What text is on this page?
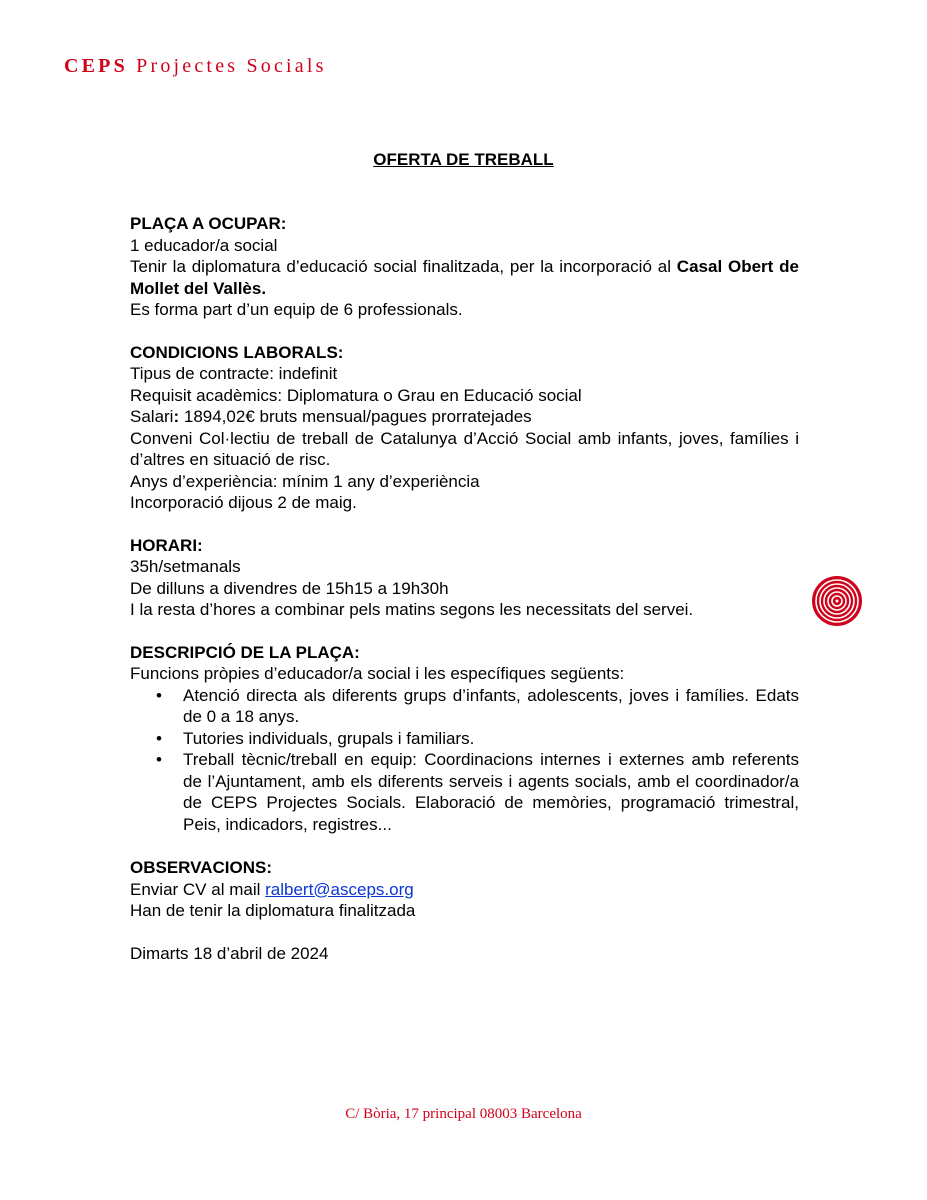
CEPS Projectes Socials
OFERTA DE TREBALL
PLAÇA A OCUPAR:
1 educador/a social
Tenir la diplomatura d’educació social finalitzada, per la incorporació al Casal Obert de Mollet del Vallès.
Es forma part d’un equip de 6 professionals.
CONDICIONS LABORALS:
Tipus de contracte: indefinit
Requisit acadèmics: Diplomatura o Grau en Educació social
Salari: 1894,02€ bruts mensual/pagues prorratejades
Conveni Col·lectiu de treball de Catalunya d’Acció Social amb infants, joves, famílies i d’altres en situació de risc.
Anys d’experiència: mínim 1 any d’experiència
Incorporació dijous 2 de maig.
HORARI:
35h/setmanals
De dilluns a divendres de 15h15 a 19h30h
I la resta d’hores a combinar pels matins segons les necessitats del servei.
DESCRIPCIÓ DE LA PLAÇA:
Funcions pròpies d’educador/a social i les específiques següents:
• Atenció directa als diferents grups d’infants, adolescents, joves i famílies. Edats de 0 a 18 anys.
• Tutories individuals, grupals i familiars.
• Treball tècnic/treball en equip: Coordinacions internes i externes amb referents de l’Ajuntament, amb els diferents serveis i agents socials, amb el coordinador/a de CEPS Projectes Socials. Elaboració de memòries, programació trimestral, Peis, indicadors, registres...
OBSERVACIONS:
Enviar CV al mail ralbert@asceps.org
Han de tenir la diplomatura finalitzada
Dimarts 18 d’abril de 2024
C/ Bòria, 17 principal 08003 Barcelona
